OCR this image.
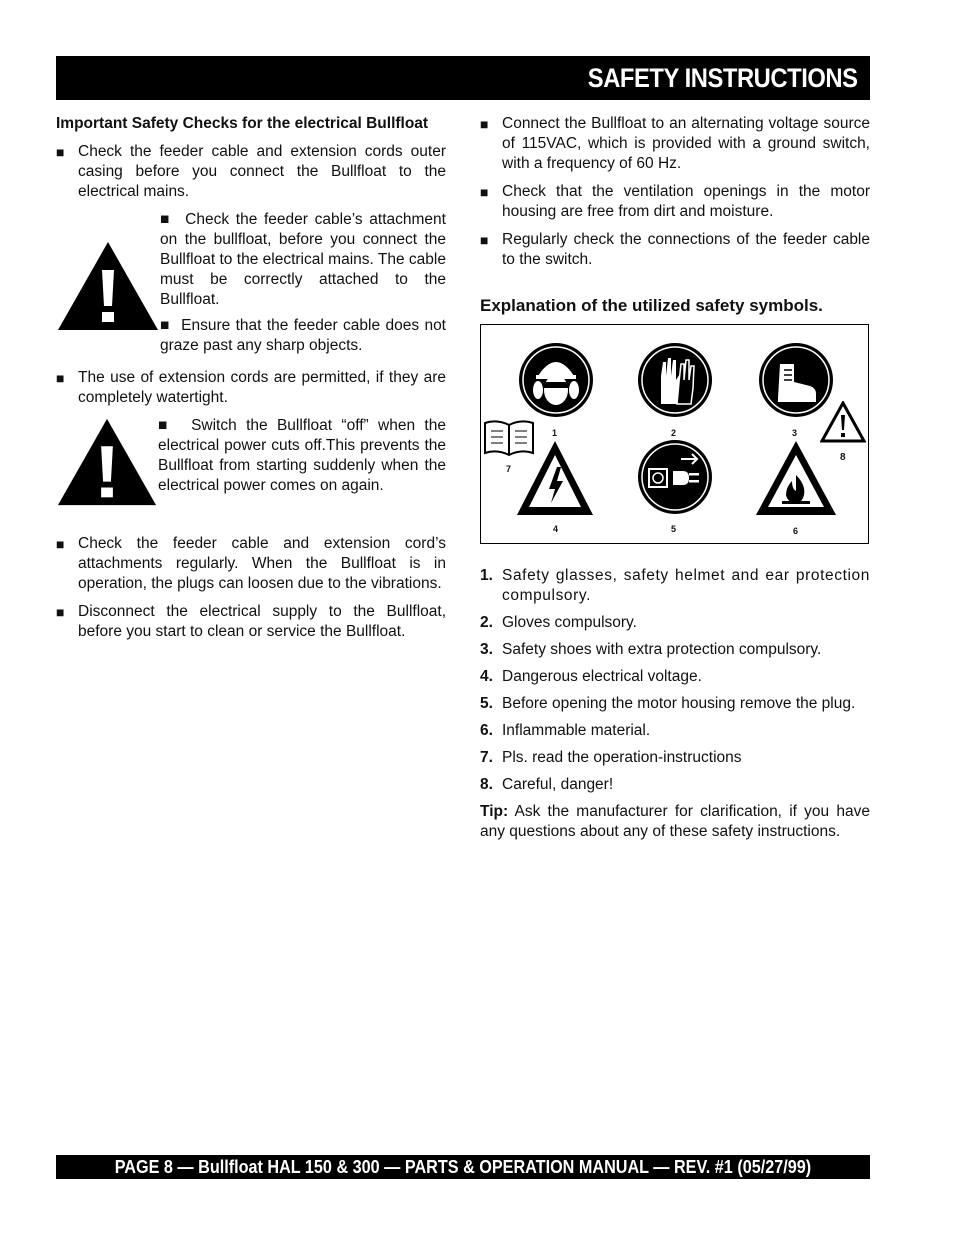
SAFETY INSTRUCTIONS
Important Safety Checks for the electrical Bullfloat
■ Check the feeder cable and extension cords outer casing before you connect the Bullfloat to the electrical mains.

■ Check the feeder cable’s attachment on the bullfloat, before you connect the Bullfloat to the electrical mains. The cable must be correctly attached to the Bullfloat.

■ Ensure that the feeder cable does not graze past any sharp objects.

■ The use of extension cords are permitted, if they are completely watertight.

■ Switch the Bullfloat “off” when the electrical power cuts off.This prevents the Bullfloat from starting suddenly when the electrical power comes on again.

■ Check the feeder cable and extension cord’s attachments regularly. When the Bullfloat is in operation, the plugs can loosen due to the vibrations.
■ Disconnect the electrical supply to the Bullfloat, before you start to clean or service the Bullfloat.
■ Connect the Bullfloat to an alternating voltage source of 115VAC, which is provided with a ground switch, with a frequency of 60 Hz.
■ Check that the ventilation openings in the motor housing are free from dirt and moisture.
■ Regularly check the connections of the feeder cable to the switch.
Explanation of the utilized safety symbols.
1	2	3
7
8
4	5	6
1. Safety glasses, safety helmet and ear protection compulsory.
2. Gloves compulsory.
3. Safety shoes with extra protection compulsory.
4. Dangerous electrical voltage.
5. Before opening the motor housing remove the plug.
6. Inflammable material.
7. Pls. read the operation-instructions
8. Careful, danger!
Tip: Ask the manufacturer for clarification, if you have any questions about any of these safety instructions.
PAGE 8 — Bullfloat HAL 150 & 300 — PARTS & OPERATION MANUAL — REV. #1 (05/27/99)
